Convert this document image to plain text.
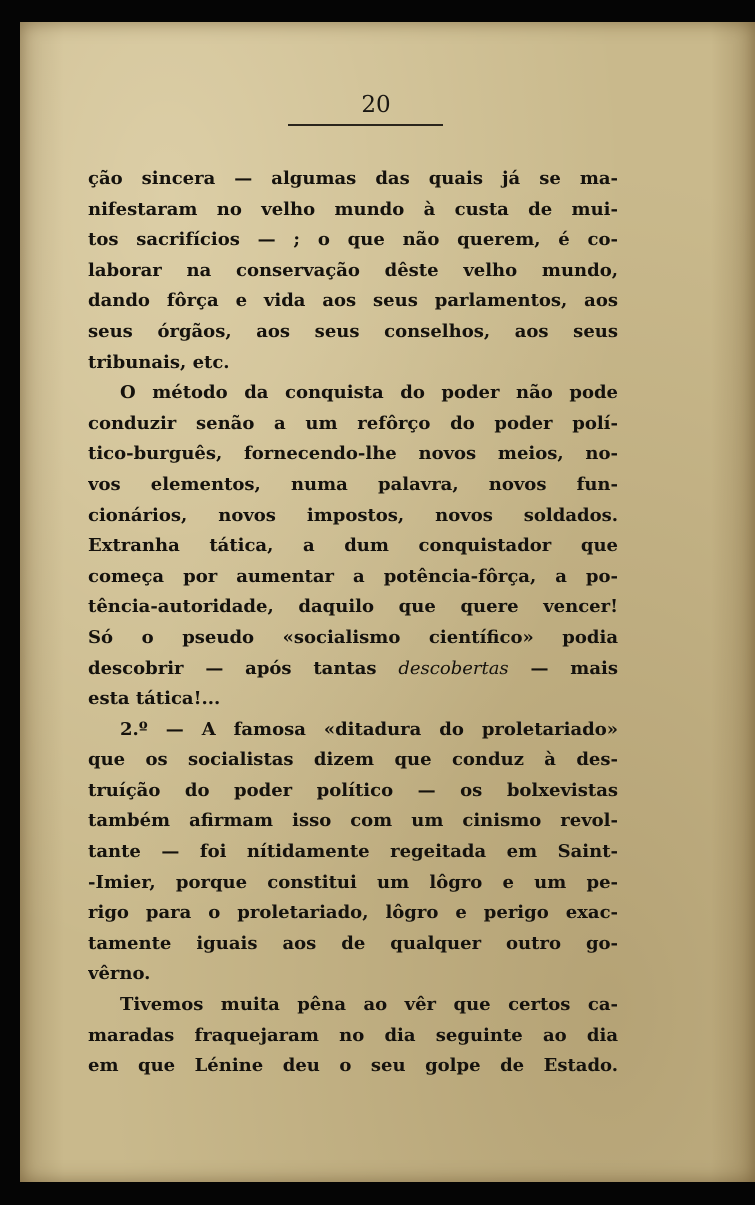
20
ção sincera — algumas das quais já se ma-
nifestaram no velho mundo à custa de mui-
tos sacrifícios — ; o que não querem, é co-
laborar na conservação dêste velho mundo,
dando fôrça e vida aos seus parlamentos, aos
seus órgãos, aos seus conselhos, aos seus
tribunais, etc.
O método da conquista do poder não pode
conduzir senão a um refôrço do poder polí-
tico-burguês, fornecendo-lhe novos meios, no-
vos elementos, numa palavra, novos fun-
cionários, novos impostos, novos soldados.
Extranha tática, a dum conquistador que
começa por aumentar a potência-fôrça, a po-
tência-autoridade, daquilo que quere vencer!
Só o pseudo «socialismo científico» podia
descobrir — após tantas descobertas — mais
esta tática!...
2.º — A famosa «ditadura do proletariado»
que os socialistas dizem que conduz à des-
truíção do poder político — os bolxevistas
também afirmam isso com um cinismo revol-
tante — foi nítidamente regeitada em Saint-
-Imier, porque constitui um lôgro e um pe-
rigo para o proletariado, lôgro e perigo exac-
tamente iguais aos de qualquer outro go-
vêrno.
Tivemos muita pêna ao vêr que certos ca-
maradas fraquejaram no dia seguinte ao dia
em que Lénine deu o seu golpe de Estado.
